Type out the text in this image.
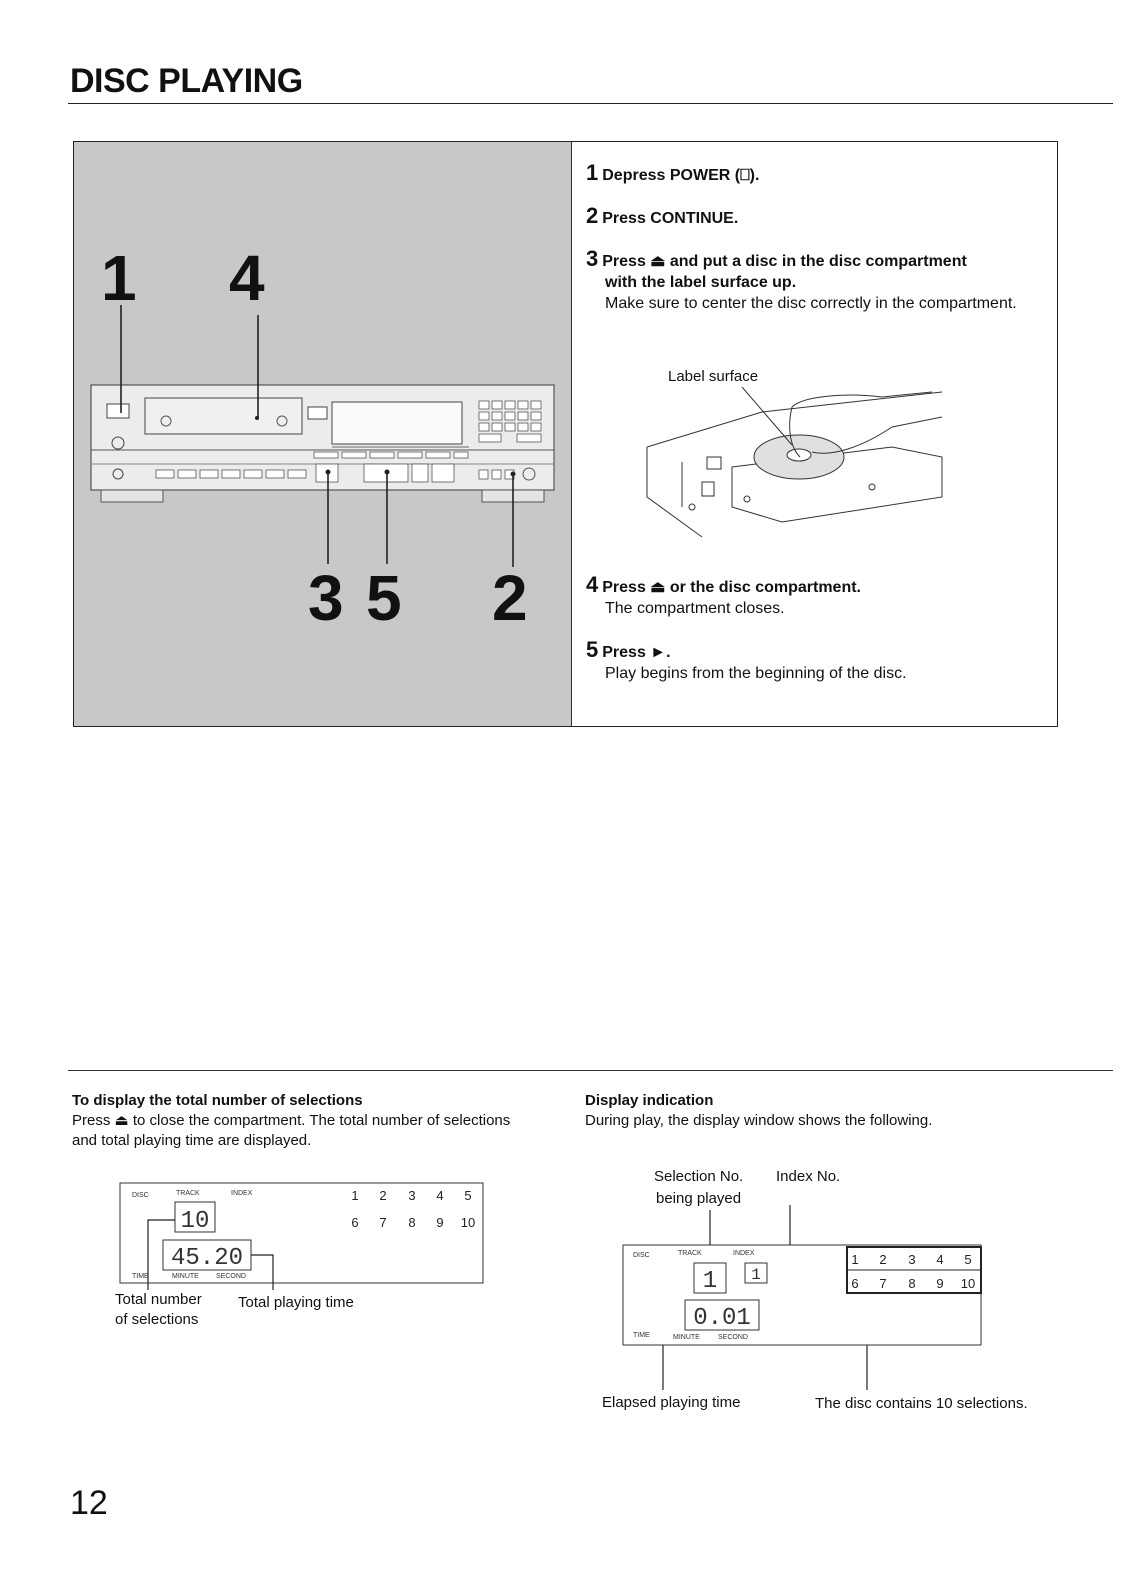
DISC PLAYING
1 4
3 5 2
1 Depress POWER (⎕).
2 Press CONTINUE.
3 Press ⏏ and put a disc in the disc compartment
with the label surface up.
Make sure to center the disc correctly in the compartment.
Label surface
4 Press ⏏ or the disc compartment.
The compartment closes.
5 Press ►.
Play begins from the beginning of the disc.
To display the total number of selections
Press ⏏ to close the compartment. The total number of selections
and total playing time are displayed.
DISC	TRACK	INDEX
10
45.20
TIME	MINUTE SECOND
1 2 3 4 5
6 7 8 9 10
Total number
of selections
Total playing time
Display indication
During play, the display window shows the following.
Selection No.
being played
Index No.
DISC	TRACK	INDEX
1 1
0.01
TIME	MINUTE	SECOND
1 2 3 4 5
6 7 8 9 10
Elapsed playing time	The disc contains 10 selections.
12
